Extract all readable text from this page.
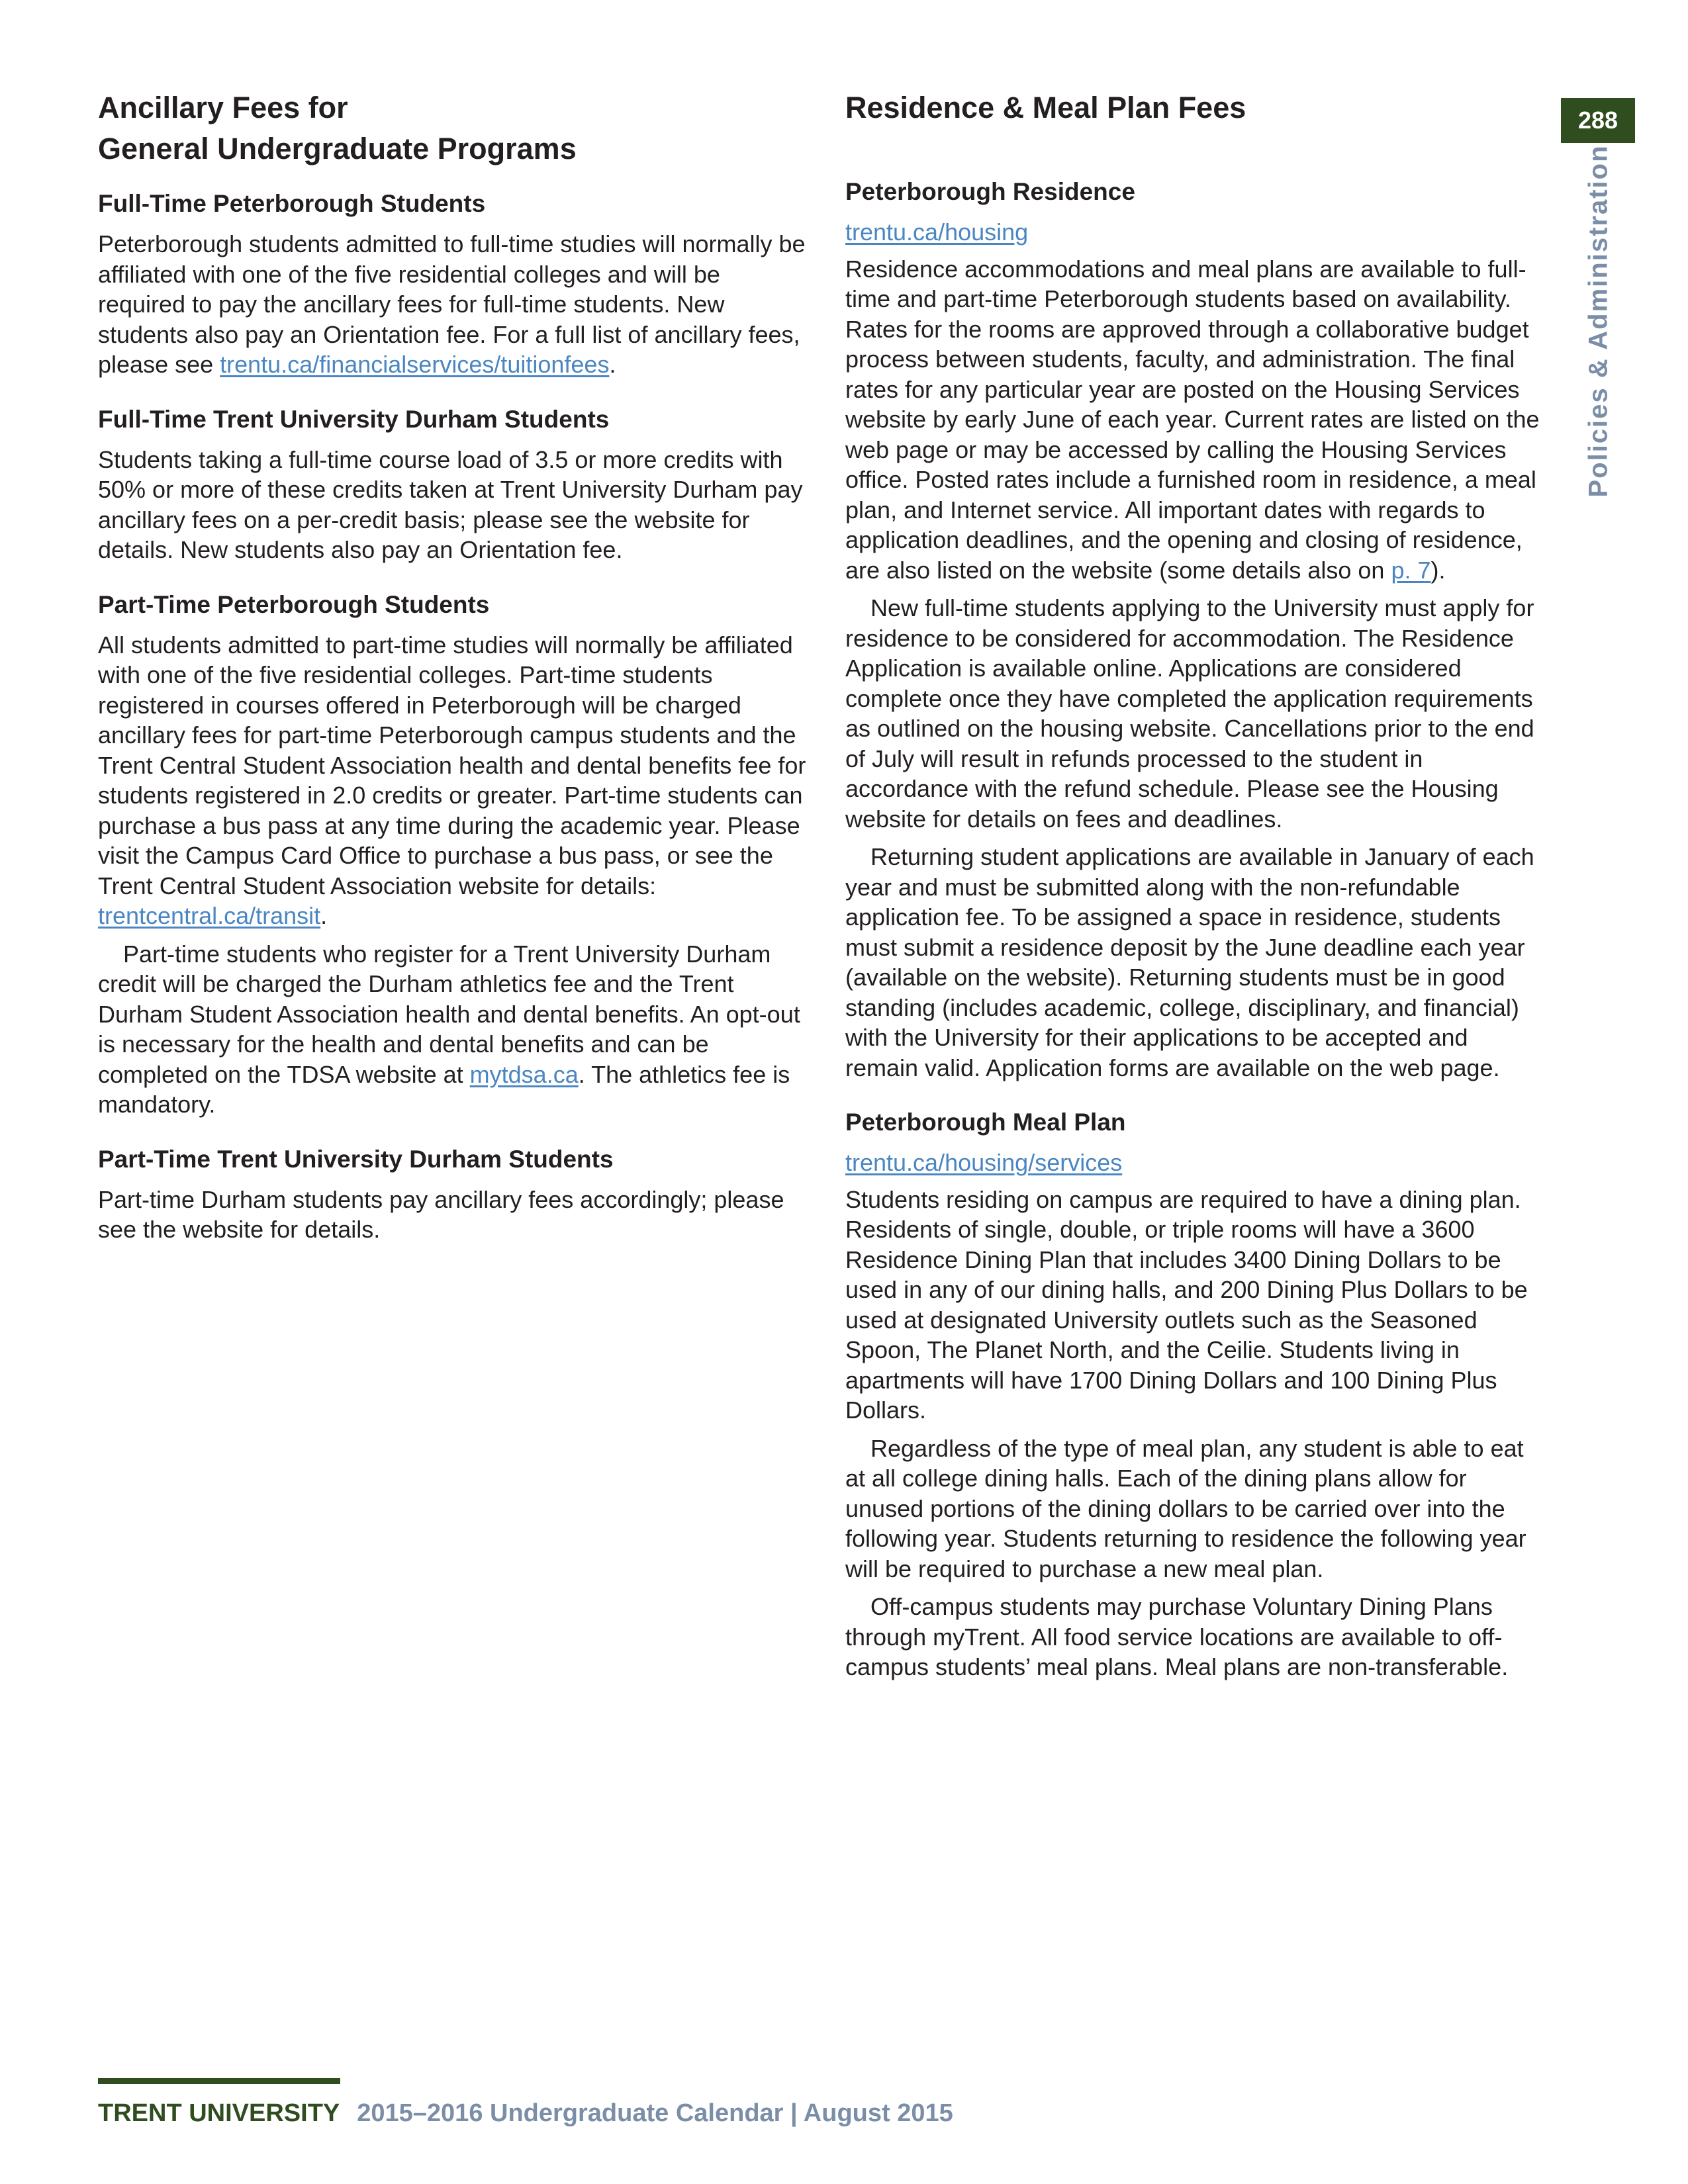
288
Policies & Administration
Ancillary Fees for
General Undergraduate Programs
Full-Time Peterborough Students

Peterborough students admitted to full-time studies will normally be affiliated with one of the five residential colleges and will be required to pay the ancillary fees for full-time students. New students also pay an Orientation fee. For a full list of ancillary fees, please see trentu.ca/financialservices/tuitionfees.

Full-Time Trent University Durham Students

Students taking a full-time course load of 3.5 or more credits with 50% or more of these credits taken at Trent University Durham pay ancillary fees on a per-credit basis; please see the website for details. New students also pay an Orientation fee.

Part-Time Peterborough Students

All students admitted to part-time studies will normally be affiliated with one of the five residential colleges. Part-time students registered in courses offered in Peterborough will be charged ancillary fees for part-time Peterborough campus students and the Trent Central Student Association health and dental benefits fee for students registered in 2.0 credits or greater. Part-time students can purchase a bus pass at any time during the academic year. Please visit the Campus Card Office to purchase a bus pass, or see the Trent Central Student Association website for details: trentcentral.ca/transit.

Part-time students who register for a Trent University Durham credit will be charged the Durham athletics fee and the Trent Durham Student Association health and dental benefits. An opt-out is necessary for the health and dental benefits and can be completed on the TDSA website at mytdsa.ca. The athletics fee is mandatory.

Part-Time Trent University Durham Students

Part-time Durham students pay ancillary fees accordingly; please see the website for details.

Residence & Meal Plan Fees
Peterborough Residence

trentu.ca/housing

Residence accommodations and meal plans are available to full-time and part-time Peterborough students based on availability. Rates for the rooms are approved through a collaborative budget process between students, faculty, and administration. The final rates for any particular year are posted on the Housing Services website by early June of each year. Current rates are listed on the web page or may be accessed by calling the Housing Services office. Posted rates include a furnished room in residence, a meal plan, and Internet service. All important dates with regards to application deadlines, and the opening and closing of residence, are also listed on the website (some details also on p. 7).

New full-time students applying to the University must apply for residence to be considered for accommodation. The Residence Application is available online. Applications are considered complete once they have completed the application requirements as outlined on the housing website. Cancellations prior to the end of July will result in refunds processed to the student in accordance with the refund schedule. Please see the Housing website for details on fees and deadlines.

Returning student applications are available in January of each year and must be submitted along with the non-refundable application fee. To be assigned a space in residence, students must submit a residence deposit by the June deadline each year (available on the website). Returning students must be in good standing (includes academic, college, disciplinary, and financial) with the University for their applications to be accepted and remain valid. Application forms are available on the web page.

Peterborough Meal Plan

trentu.ca/housing/services

Students residing on campus are required to have a dining plan. Residents of single, double, or triple rooms will have a 3600 Residence Dining Plan that includes 3400 Dining Dollars to be used in any of our dining halls, and 200 Dining Plus Dollars to be used at designated University outlets such as the Seasoned Spoon, The Planet North, and the Ceilie. Students living in apartments will have 1700 Dining Dollars and 100 Dining Plus Dollars.

Regardless of the type of meal plan, any student is able to eat at all college dining halls. Each of the dining plans allow for unused portions of the dining dollars to be carried over into the following year. Students returning to residence the following year will be required to purchase a new meal plan.

Off-campus students may purchase Voluntary Dining Plans through myTrent. All food service locations are available to off-campus students’ meal plans. Meal plans are non-transferable.

TRENT UNIVERSITY 2015–2016 Undergraduate Calendar | August 2015
